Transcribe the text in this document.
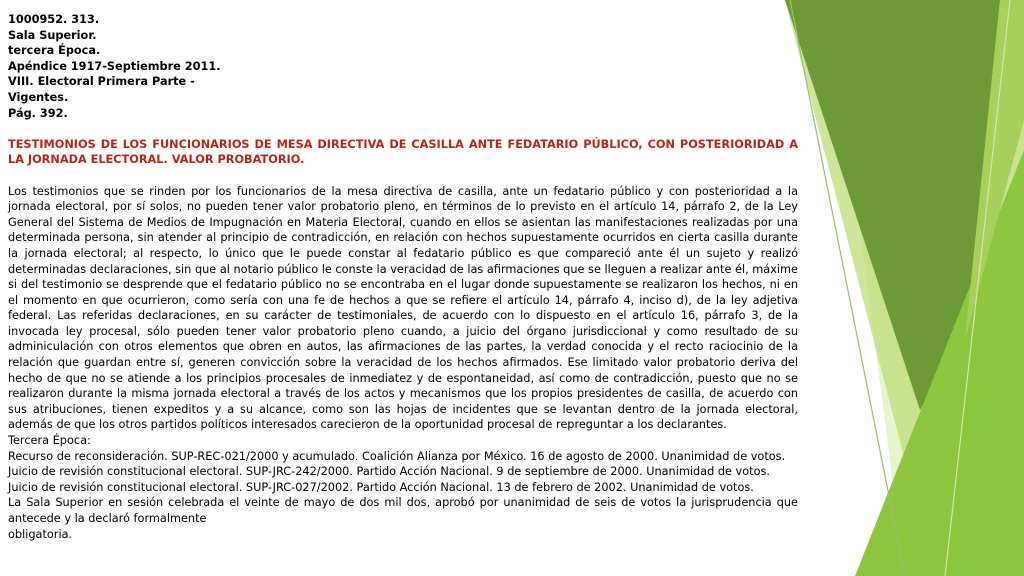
1000952. 313.
Sala Superior.
tercera Época.
Apéndice 1917-Septiembre 2011.
VIII. Electoral Primera Parte -
Vigentes.
Pág. 392.
TESTIMONIOS DE LOS FUNCIONARIOS DE MESA DIRECTIVA DE CASILLA ANTE FEDATARIO PÚBLICO, CON POSTERIORIDAD A LA JORNADA ELECTORAL. VALOR PROBATORIO.
Los testimonios que se rinden por los funcionarios de la mesa directiva de casilla, ante un fedatario público y con posterioridad a la jornada electoral, por sí solos, no pueden tener valor probatorio pleno, en términos de lo previsto en el artículo 14, párrafo 2, de la Ley General del Sistema de Medios de Impugnación en Materia Electoral, cuando en ellos se asientan las manifestaciones realizadas por una determinada persona, sin atender al principio de contradicción, en relación con hechos supuestamente ocurridos en cierta casilla durante la jornada electoral; al respecto, lo único que le puede constar al fedatario público es que compareció ante él un sujeto y realizó determinadas declaraciones, sin que al notario público le conste la veracidad de las afirmaciones que se lleguen a realizar ante él, máxime si del testimonio se desprende que el fedatario público no se encontraba en el lugar donde supuestamente se realizaron los hechos, ni en el momento en que ocurrieron, como sería con una fe de hechos a que se refiere el artículo 14, párrafo 4, inciso d), de la ley adjetiva federal. Las referidas declaraciones, en su carácter de testimoniales, de acuerdo con lo dispuesto en el artículo 16, párrafo 3, de la invocada ley procesal, sólo pueden tener valor probatorio pleno cuando, a juicio del órgano jurisdiccional y como resultado de su adminiculación con otros elementos que obren en autos, las afirmaciones de las partes, la verdad conocida y el recto raciocinio de la relación que guardan entre sí, generen convicción sobre la veracidad de los hechos afirmados. Ese limitado valor probatorio deriva del hecho de que no se atiende a los principios procesales de inmediatez y de espontaneidad, así como de contradicción, puesto que no se realizaron durante la misma jornada electoral a través de los actos y mecanismos que los propios presidentes de casilla, de acuerdo con sus atribuciones, tienen expeditos y a su alcance, como son las hojas de incidentes que se levantan dentro de la jornada electoral, además de que los otros partidos políticos interesados carecieron de la oportunidad procesal de repreguntar a los declarantes.
Tercera Época:
Recurso de reconsideración. SUP-REC-021/2000 y acumulado. Coalición Alianza por México. 16 de agosto de 2000. Unanimidad de votos.
Juicio de revisión constitucional electoral. SUP-JRC-242/2000. Partido Acción Nacional. 9 de septiembre de 2000. Unanimidad de votos.
Juicio de revisión constitucional electoral. SUP-JRC-027/2002. Partido Acción Nacional. 13 de febrero de 2002. Unanimidad de votos.
La Sala Superior en sesión celebrada el veinte de mayo de dos mil dos, aprobó por unanimidad de seis de votos la jurisprudencia que antecede y la declaró formalmente
obligatoria.
